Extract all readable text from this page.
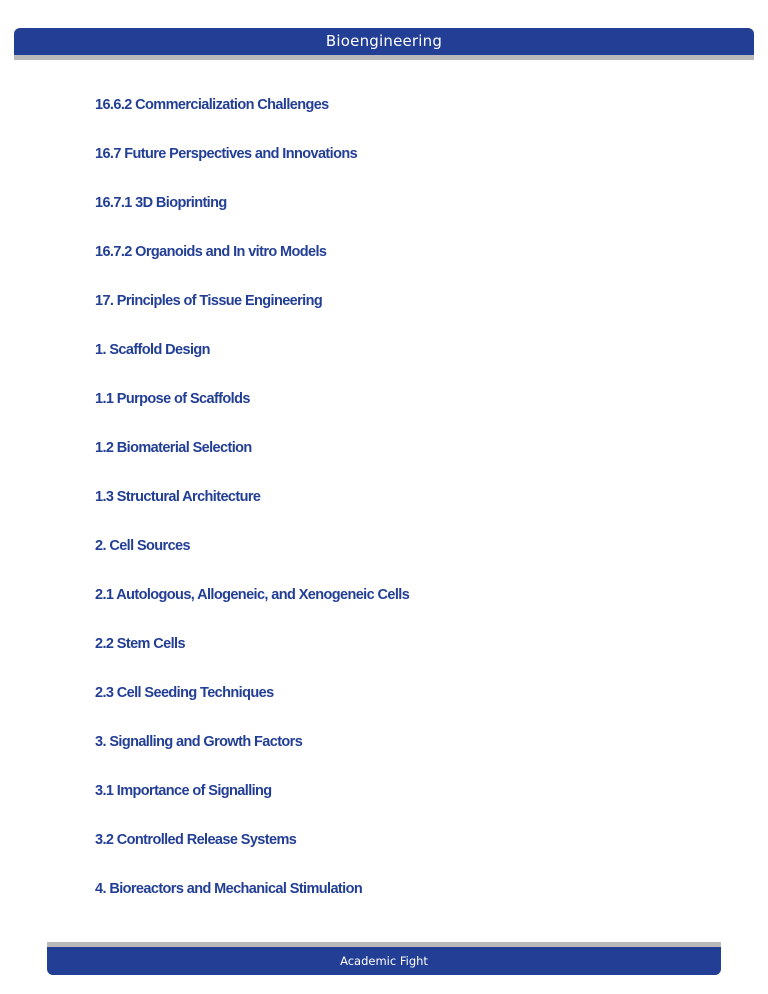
Bioengineering
16.6.2 Commercialization Challenges
16.7 Future Perspectives and Innovations
16.7.1 3D Bioprinting
16.7.2 Organoids and In vitro Models
17. Principles of Tissue Engineering
1. Scaffold Design
1.1 Purpose of Scaffolds
1.2 Biomaterial Selection
1.3 Structural Architecture
2. Cell Sources
2.1 Autologous, Allogeneic, and Xenogeneic Cells
2.2 Stem Cells
2.3 Cell Seeding Techniques
3. Signalling and Growth Factors
3.1 Importance of Signalling
3.2 Controlled Release Systems
4. Bioreactors and Mechanical Stimulation
Academic Fight
